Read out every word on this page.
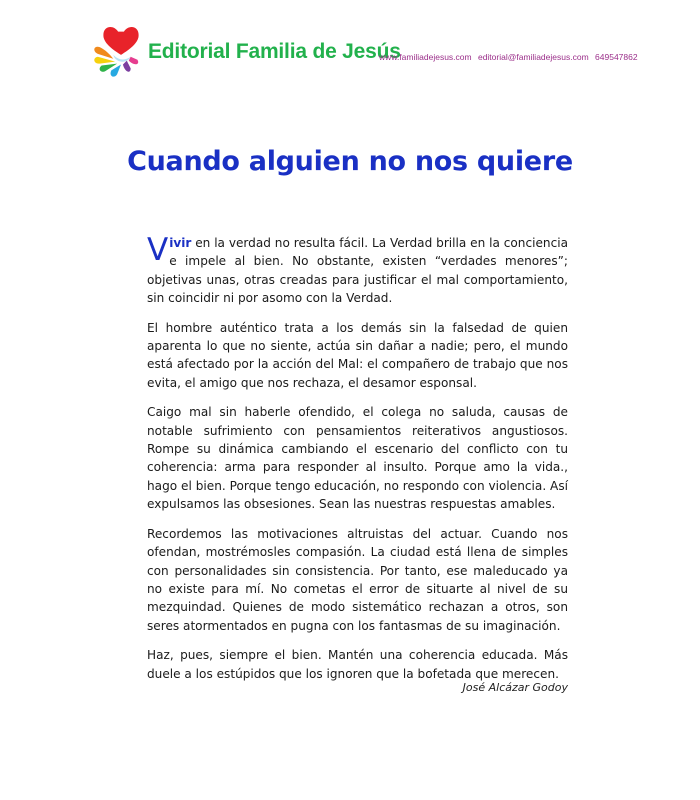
Editorial Familia de Jesús
www.familiadejesus.com editorial@familiadejesus.com 649547862
Cuando alguien no nos quiere

Vivir en la verdad no resulta fácil. La Verdad brilla en la conciencia e impele al bien. No obstante, existen “verdades menores”; objetivas unas, otras creadas para justificar el mal comportamiento, sin coincidir ni por asomo con la Verdad.

El hombre auténtico trata a los demás sin la falsedad de quien aparenta lo que no siente, actúa sin dañar a nadie; pero, el mundo está afectado por la acción del Mal: el compañero de trabajo que nos evita, el amigo que nos rechaza, el desamor esponsal.

Caigo mal sin haberle ofendido, el colega no saluda, causas de notable sufrimiento con pensamientos reiterativos angustiosos. Rompe su dinámica cambiando el escenario del conflicto con tu coherencia: arma para responder al insulto. Porque amo la vida., hago el bien. Porque tengo educación, no respondo con violencia. Así expulsamos las obsesiones. Sean las nuestras respuestas amables.

Recordemos las motivaciones altruistas del actuar. Cuando nos ofendan, mostrémosles compasión. La ciudad está llena de simples con personalidades sin consistencia. Por tanto, ese maleducado ya no existe para mí. No cometas el error de situarte al nivel de su mezquindad. Quienes de modo sistemático rechazan a otros, son seres atormentados en pugna con los fantasmas de su imaginación.

Haz, pues, siempre el bien. Mantén una coherencia educada. Más duele a los estúpidos que los ignoren que la bofetada que merecen.

José Alcázar Godoy
